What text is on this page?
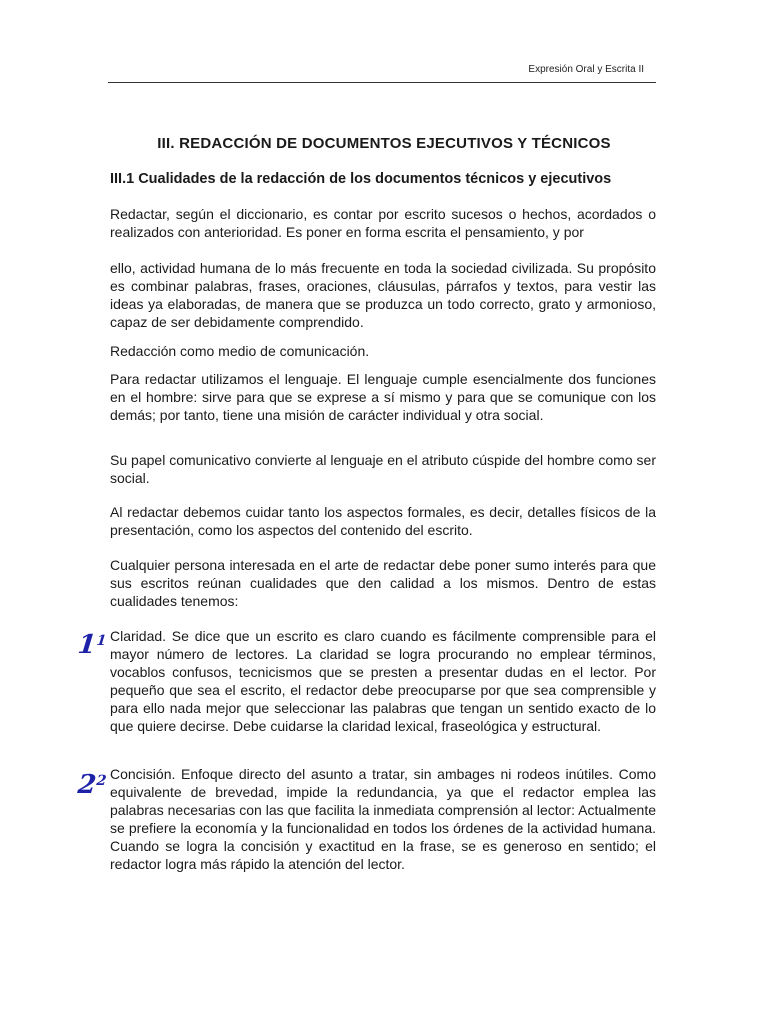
Expresión Oral y Escrita II
III. REDACCIÓN DE DOCUMENTOS EJECUTIVOS Y TÉCNICOS
III.1 Cualidades de la redacción de los documentos técnicos y ejecutivos
Redactar, según el diccionario, es contar por escrito sucesos o hechos, acordados o realizados con anterioridad. Es poner en forma escrita el pensamiento, y por
ello, actividad humana de lo más frecuente en toda la sociedad civilizada. Su propósito es combinar palabras, frases, oraciones, cláusulas, párrafos y textos, para vestir las ideas ya elaboradas, de manera que se produzca un todo correcto, grato y armonioso, capaz de ser debidamente comprendido.
Redacción como medio de comunicación.
Para redactar utilizamos el lenguaje. El lenguaje cumple esencialmente dos funciones en el hombre: sirve para que se exprese a sí mismo y para que se comunique con los demás; por tanto, tiene una misión de carácter individual y otra social.
Su papel comunicativo convierte al lenguaje en el atributo cúspide del hombre como ser social.
Al redactar debemos cuidar tanto los aspectos formales, es decir, detalles físicos de la presentación, como los aspectos del contenido del escrito.
Cualquier persona interesada en el arte de redactar debe poner sumo interés para que sus escritos reúnan cualidades que den calidad a los mismos. Dentro de estas cualidades tenemos:
Claridad. Se dice que un escrito es claro cuando es fácilmente comprensible para el mayor número de lectores. La claridad se logra procurando no emplear términos, vocablos confusos, tecnicismos que se presten a presentar dudas en el lector. Por pequeño que sea el escrito, el redactor debe preocuparse por que sea comprensible y para ello nada mejor que seleccionar las palabras que tengan un sentido exacto de lo que quiere decirse. Debe cuidarse la claridad lexical, fraseológica y estructural.
Concisión. Enfoque directo del asunto a tratar, sin ambages ni rodeos inútiles. Como equivalente de brevedad, impide la redundancia, ya que el redactor emplea las palabras necesarias con las que facilita la inmediata comprensión al lector: Actualmente se prefiere la economía y la funcionalidad en todos los órdenes de la actividad humana. Cuando se logra la concisión y exactitud en la frase, se es generoso en sentido; el redactor logra más rápido la atención del lector.
$1^1$
$2^2$
